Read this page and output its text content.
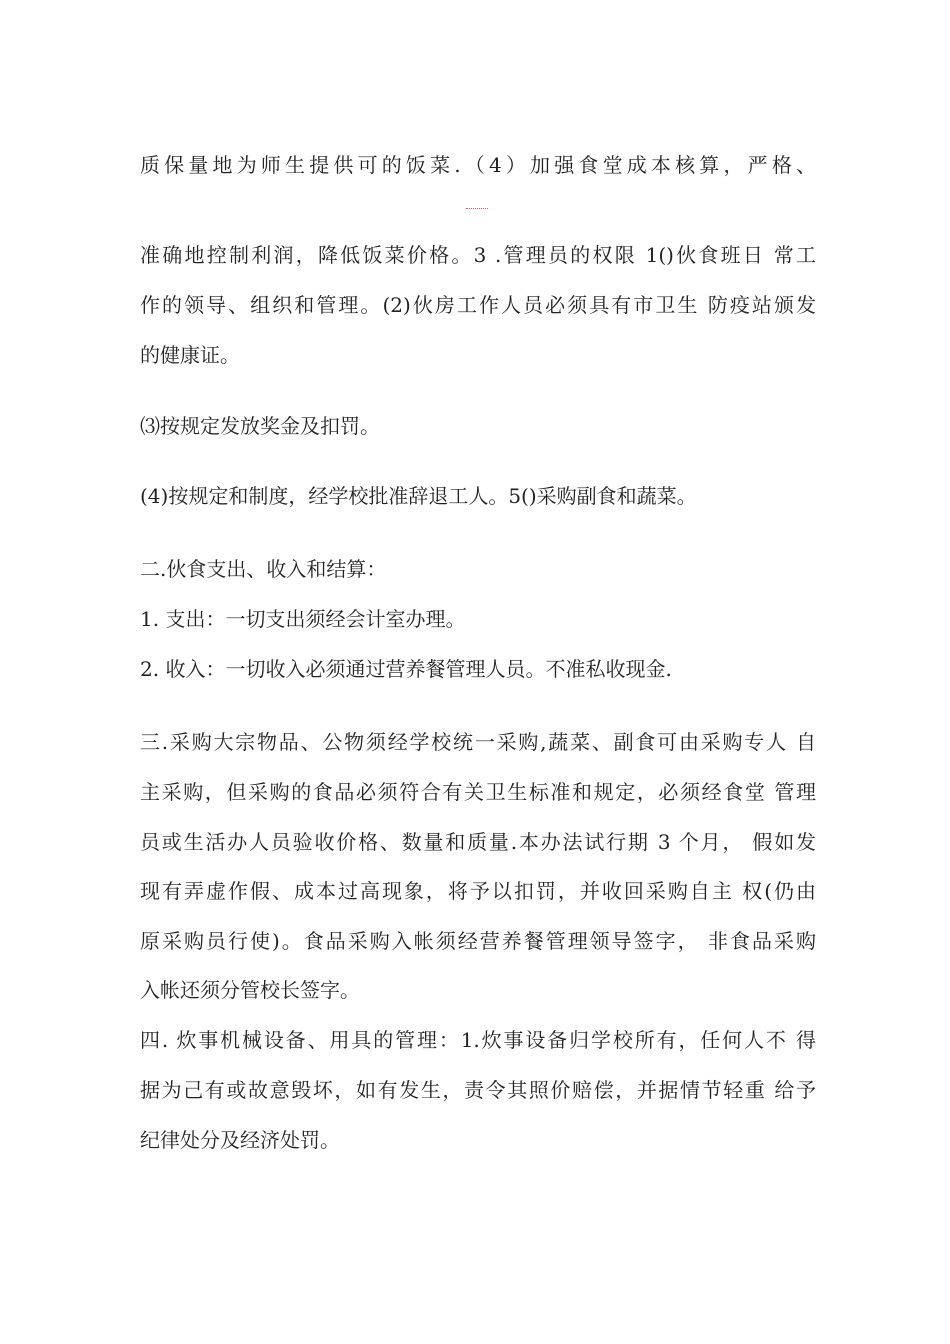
质保量地为师生提供可的饭菜.（4）加强食堂成本核算，严格、
准确地控制利润，降低饭菜价格。3 .管理员的权限 1()伙食班日 常工
作的领导、组织和管理。(2)伙房工作人员必须具有市卫生 防疫站颁发
的健康证。
⑶按规定发放奖金及扣罚。
(4)按规定和制度，经学校批准辞退工人。5()采购副食和蔬菜。
二.伙食支出、收入和结算：
1. 支出：一切支出须经会计室办理。
2. 收入：一切收入必须通过营养餐管理人员。不准私收现金.
三.采购大宗物品、公物须经学校统一采购,蔬菜、副食可由采购专人 自
主采购，但采购的食品必须符合有关卫生标准和规定，必须经食堂 管理
员或生活办人员验收价格、数量和质量.本办法试行期 3 个月， 假如发
现有弄虚作假、成本过高现象，将予以扣罚，并收回采购自主 权(仍由
原采购员行使)。食品采购入帐须经营养餐管理领导签字， 非食品采购
入帐还须分管校长签字。
四. 炊事机械设备、用具的管理：1.炊事设备归学校所有，任何人不 得
据为己有或故意毁坏，如有发生，责令其照价赔偿，并据情节轻重 给予
纪律处分及经济处罚。
